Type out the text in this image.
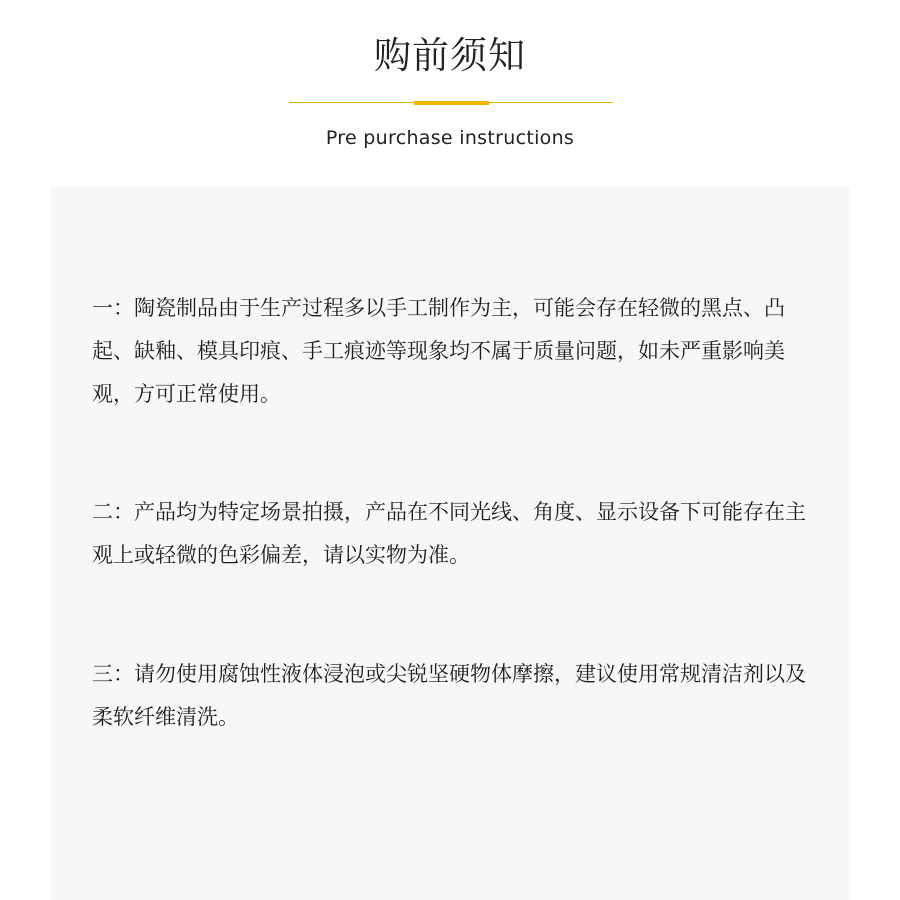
购前须知
Pre purchase instructions

一：陶瓷制品由于生产过程多以手工制作为主，可能会存在轻微的黑点、凸起、缺釉、模具印痕、手工痕迹等现象均不属于质量问题，如未严重影响美观，方可正常使用。

二：产品均为特定场景拍摄，产品在不同光线、角度、显示设备下可能存在主观上或轻微的色彩偏差，请以实物为准。

三：请勿使用腐蚀性液体浸泡或尖锐坚硬物体摩擦，建议使用常规清洁剂以及柔软纤维清洗。
